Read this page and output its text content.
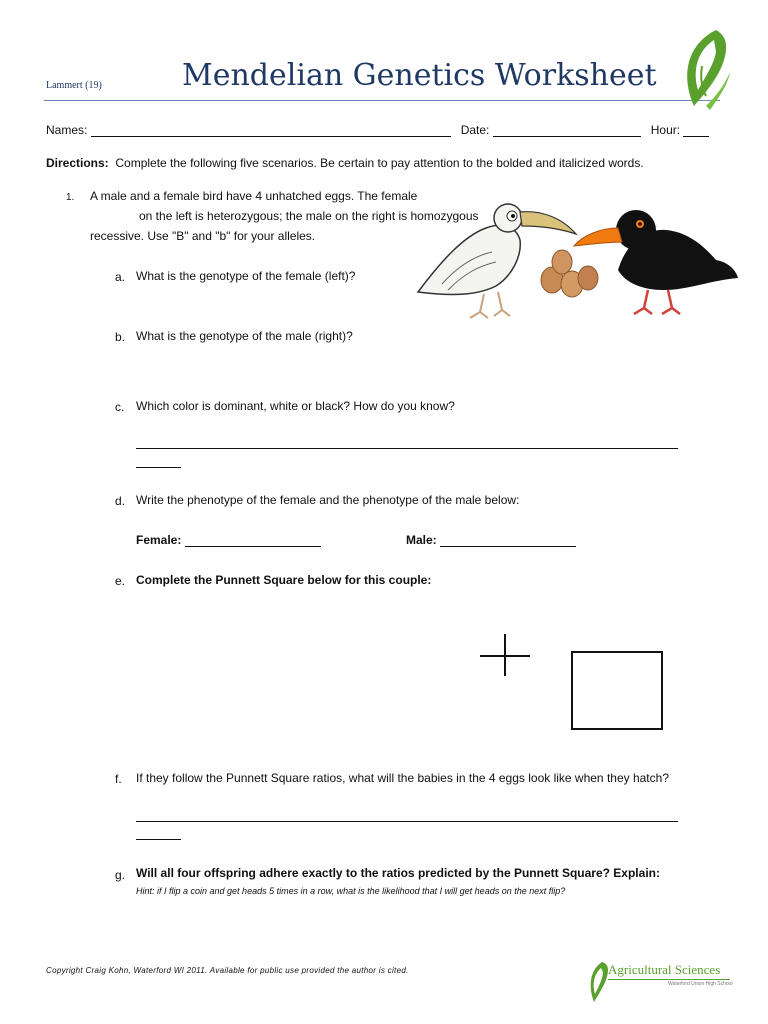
Lammert (19)	Mendelian Genetics Worksheet
Names:	Date:	Hour:
Directions: Complete the following five scenarios. Be certain to pay attention to the bolded and italicized words.
1. A male and a female bird have 4 unhatched eggs. The female
on the left is heterozygous; the male on the right is homozygous
recessive. Use "B" and "b" for your alleles.
a. What is the genotype of the female (left)?
b. What is the genotype of the male (right)?
c. Which color is dominant, white or black? How do you know?
d. Write the phenotype of the female and the phenotype of the male below:
Female:	Male:
e. Complete the Punnett Square below for this couple:
f. If they follow the Punnett Square ratios, what will the babies in the 4 eggs look like when they hatch?
g. Will all four offspring adhere exactly to the ratios predicted by the Punnett Square? Explain:
Hint: if I flip a coin and get heads 5 times in a row, what is the likelihood that I will get heads on the next flip?
Copyright Craig Kohn, Waterford WI 2011. Available for public use provided the author is cited.	Agricultural Sciences
Waterford Union High School
